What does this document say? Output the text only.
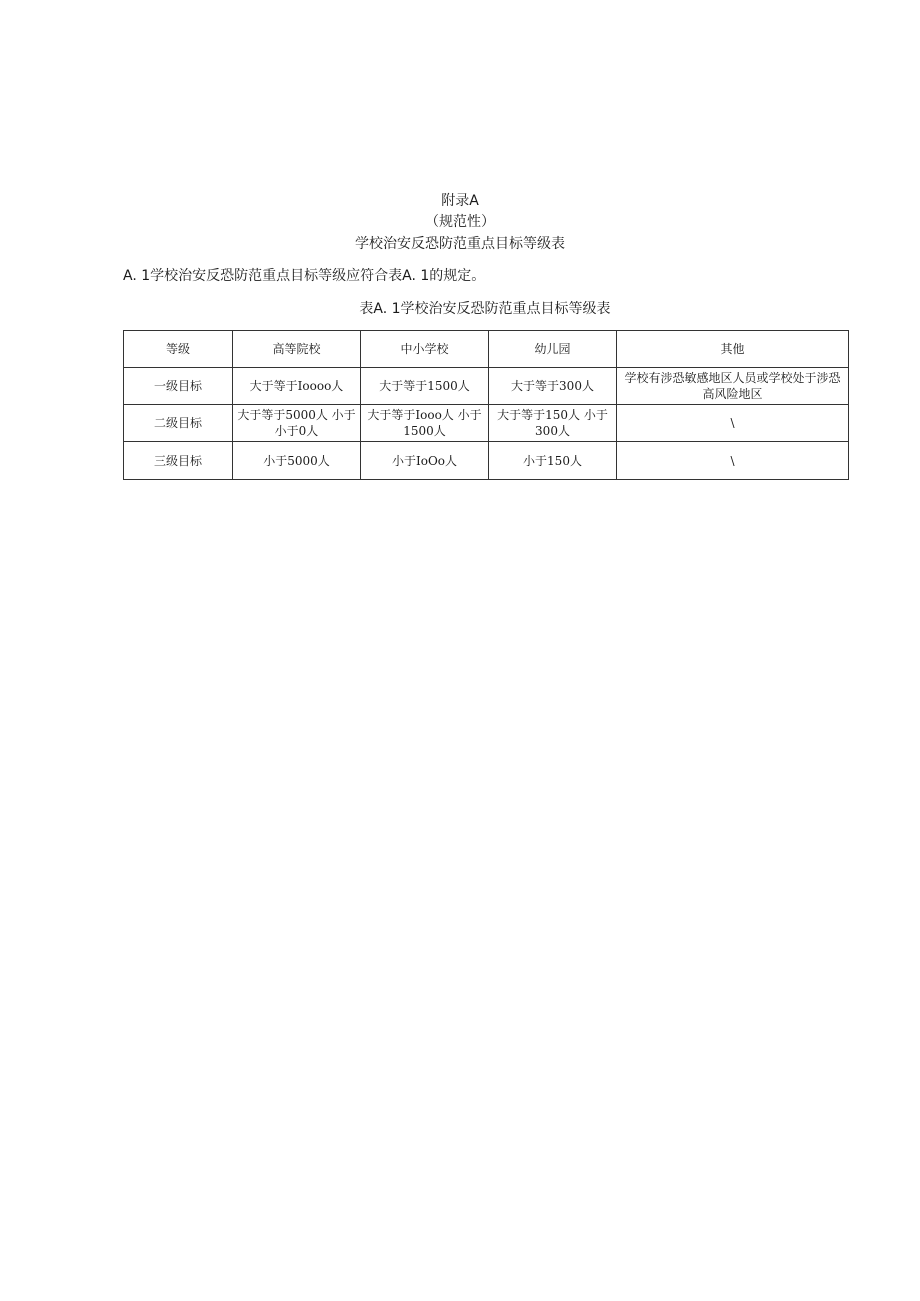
附录A
（规范性）
学校治安反恐防范重点目标等级表
A. 1学校治安反恐防范重点目标等级应符合表A. 1的规定。
表A. 1学校治安反恐防范重点目标等级表
等级	高等院校	中小学校	幼儿园	其他
一级目标	大于等于Ioooo人	大于等于1500人	大于等于300人	学校有涉恐敏感地区人员或学校处于涉恐高风险地区
二级目标	大于等于5000人 小于小于0人	大于等于Iooo人 小于1500人	大于等于150人 小于300人	\
三级目标	小于5000人	小于IoOo人	小于150人	\
